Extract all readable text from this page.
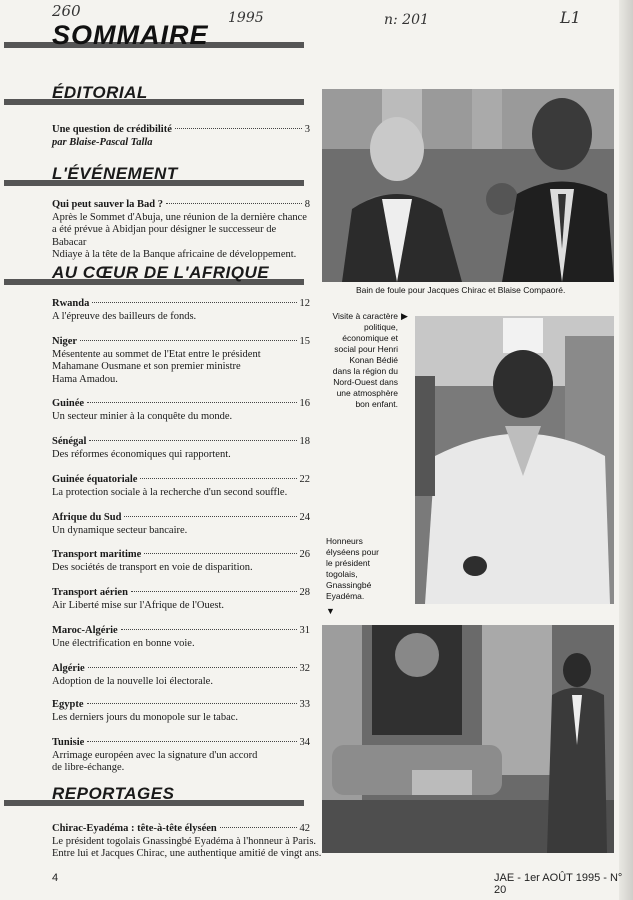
260	1995	n: 201	L1
SOMMAIRE
ÉDITORIAL
L'ÉVÉNEMENT
AU CŒUR DE L'AFRIQUE
REPORTAGES
Une question de crédibilité	3
par Blaise-Pascal Talla
Qui peut sauver la Bad ?	8
Après le Sommet d'Abuja, une réunion de la dernière chance
a été prévue à Abidjan pour désigner le successeur de Babacar
Ndiaye à la tête de la Banque africaine de développement.
Rwanda	12
A l'épreuve des bailleurs de fonds.
Niger	15
Mésentente au sommet de l'Etat entre le président
Mahamane Ousmane et son premier ministre
Hama Amadou.
Guinée	16
Un secteur minier à la conquête du monde.
Sénégal	18
Des réformes économiques qui rapportent.
Guinée équatoriale	22
La protection sociale à la recherche d'un second souffle.
Afrique du Sud	24
Un dynamique secteur bancaire.
Transport maritime	26
Des sociétés de transport en voie de disparition.
Transport aérien	28
Air Liberté mise sur l'Afrique de l'Ouest.
Maroc-Algérie	31
Une électrification en bonne voie.
Algérie	32
Adoption de la nouvelle loi électorale.
Egypte	33
Les derniers jours du monopole sur le tabac.
Tunisie	34
Arrimage européen avec la signature d'un accord
de libre-échange.
Chirac-Eyadéma : tête-à-tête élyséen	42
Le président togolais Gnassingbé Eyadéma à l'honneur à Paris.
Entre lui et Jacques Chirac, une authentique amitié de vingt ans.
Bain de foule pour Jacques Chirac et Blaise Compaoré.
Visite à caractère
politique,
économique et
social pour Henri
Konan Bédié
dans la région du
Nord-Ouest dans
une atmosphère
bon enfant.
▶
Honneurs
élyséens pour
le président
togolais,
Gnassingbé
Eyadéma.
▼
4	JAE - 1er AOÛT 1995 - N° 20
